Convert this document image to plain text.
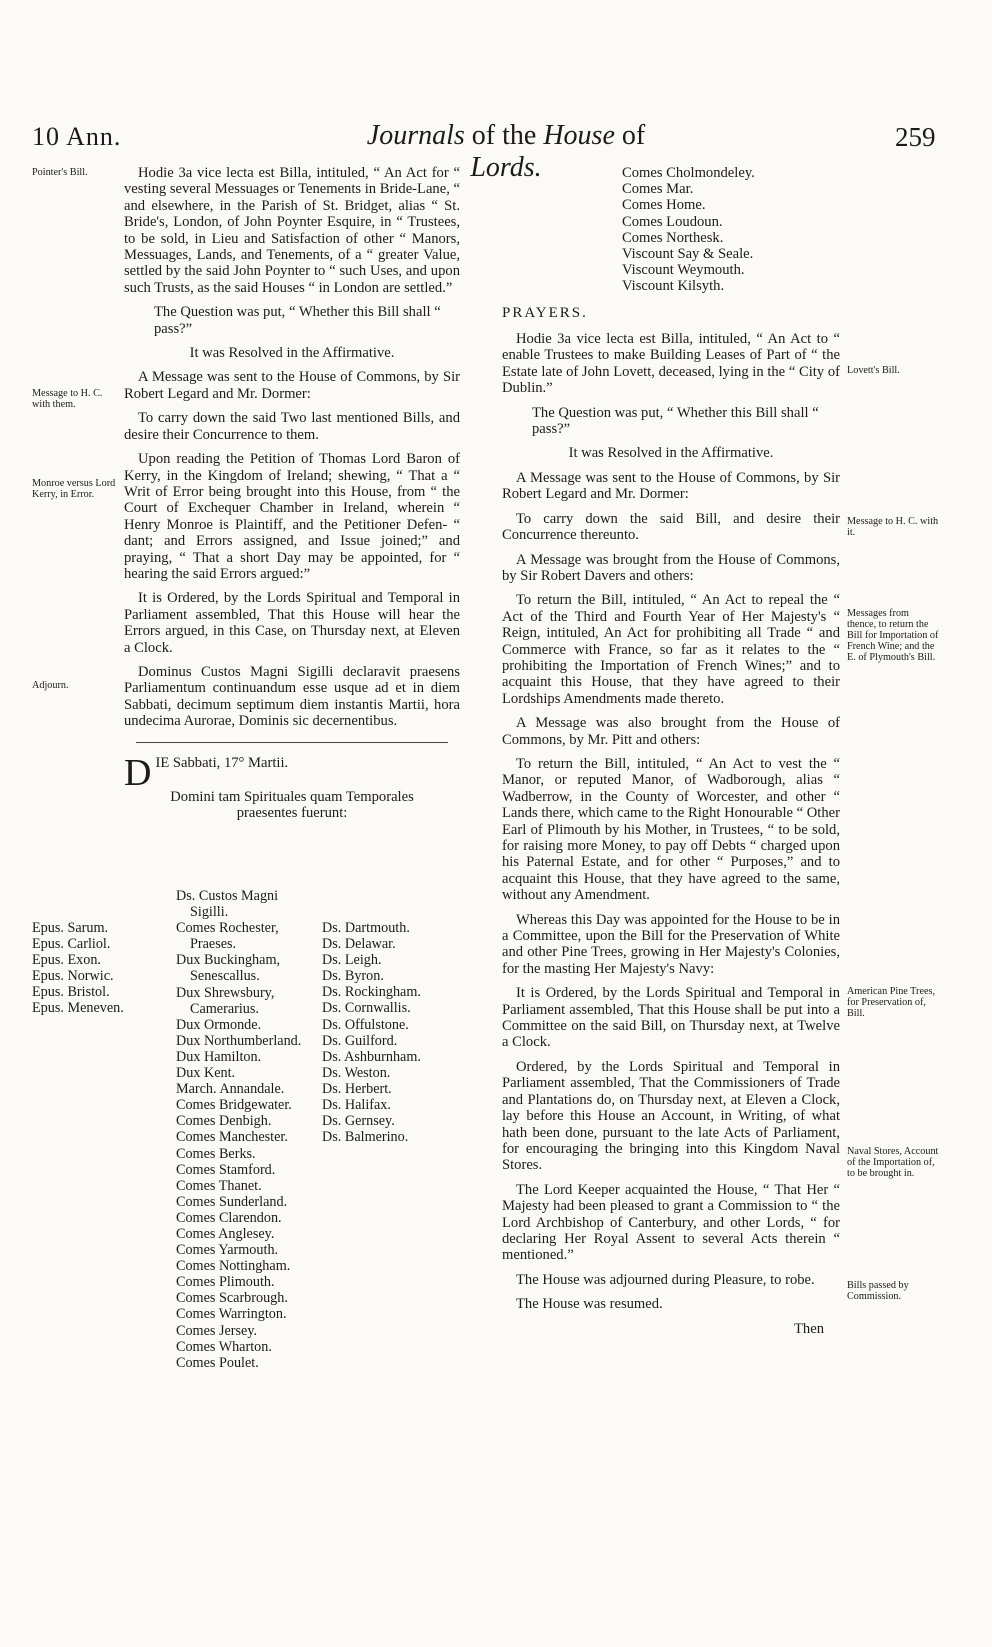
10 Ann.	Journals of the House of Lords.
259
Pointer's Bill.
Message to H. C. with them.
Monroe versus Lord Kerry, in Error.
Adjourn.
Lovett's Bill.
Message to H. C. with it.
Messages from thence, to return the Bill for Importation of French Wine; and the E. of Plymouth's Bill.
American Pine Trees, for Preservation of, Bill.
Naval Stores, Account of the Importation of, to be brought in.
Bills passed by Commission.

Hodie 3a vice lecta est Billa, intituled, “ An Act for “ vesting several Messuages or Tenements in Bride-Lane, “ and elsewhere, in the Parish of St. Bridget, alias “ St. Bride's, London, of John Poynter Esquire, in “ Trustees, to be sold, in Lieu and Satisfaction of other “ Manors, Messuages, Lands, and Tenements, of a “ greater Value, settled by the said John Poynter to “ such Uses, and upon such Trusts, as the said Houses “ in London are settled.”

The Question was put, “ Whether this Bill shall “ pass?”

It was Resolved in the Affirmative.

A Message was sent to the House of Commons, by Sir Robert Legard and Mr. Dormer:

To carry down the said Two last mentioned Bills, and desire their Concurrence to them.

Upon reading the Petition of Thomas Lord Baron of Kerry, in the Kingdom of Ireland; shewing, “ That a “ Writ of Error being brought into this House, from “ the Court of Exchequer Chamber in Ireland, wherein “ Henry Monroe is Plaintiff, and the Petitioner Defen- “ dant; and Errors assigned, and Issue joined;” and praying, “ That a short Day may be appointed, for “ hearing the said Errors argued:”

It is Ordered, by the Lords Spiritual and Temporal in Parliament assembled, That this House will hear the Errors argued, in this Case, on Thursday next, at Eleven a Clock.

Dominus Custos Magni Sigilli declaravit praesens Parliamentum continuandum esse usque ad et in diem Sabbati, decimum septimum diem instantis Martii, hora undecima Aurorae, Dominis sic decernentibus.

DIE Sabbati, 17° Martii.

Domini tam Spirituales quam Temporales praesentes fuerunt:

Epus. Sarum.
Epus. Carliol.
Epus. Exon.
Epus. Norwic.
Epus. Bristol.
Epus. Meneven.
Ds. Custos Magni
Sigilli.
Comes Rochester,
Praeses.
Dux Buckingham,
Senescallus.
Dux Shrewsbury,
Camerarius.
Dux Ormonde.
Dux Northumberland.
Dux Hamilton.
Dux Kent.
March. Annandale.
Comes Bridgewater.
Comes Denbigh.
Comes Manchester.
Comes Berks.
Comes Stamford.
Comes Thanet.
Comes Sunderland.
Comes Clarendon.
Comes Anglesey.
Comes Yarmouth.
Comes Nottingham.
Comes Plimouth.
Comes Scarbrough.
Comes Warrington.
Comes Jersey.
Comes Wharton.
Comes Poulet.
Ds. Dartmouth.
Ds. Delawar.
Ds. Leigh.
Ds. Byron.
Ds. Rockingham.
Ds. Cornwallis.
Ds. Offulstone.
Ds. Guilford.
Ds. Ashburnham.
Ds. Weston.
Ds. Herbert.
Ds. Halifax.
Ds. Gernsey.
Ds. Balmerino.
Comes Cholmondeley.
Comes Mar.
Comes Home.
Comes Loudoun.
Comes Northesk.
Viscount Say & Seale.
Viscount Weymouth.
Viscount Kilsyth.

PRAYERS.

Hodie 3a vice lecta est Billa, intituled, “ An Act to “ enable Trustees to make Building Leases of Part of “ the Estate late of John Lovett, deceased, lying in the “ City of Dublin.”

The Question was put, “ Whether this Bill shall “ pass?”

It was Resolved in the Affirmative.

A Message was sent to the House of Commons, by Sir Robert Legard and Mr. Dormer:

To carry down the said Bill, and desire their Concurrence thereunto.

A Message was brought from the House of Commons, by Sir Robert Davers and others:

To return the Bill, intituled, “ An Act to repeal the “ Act of the Third and Fourth Year of Her Majesty's “ Reign, intituled, An Act for prohibiting all Trade “ and Commerce with France, so far as it relates to the “ prohibiting the Importation of French Wines;” and to acquaint this House, that they have agreed to their Lordships Amendments made thereto.

A Message was also brought from the House of Commons, by Mr. Pitt and others:

To return the Bill, intituled, “ An Act to vest the “ Manor, or reputed Manor, of Wadborough, alias “ Wadberrow, in the County of Worcester, and other “ Lands there, which came to the Right Honourable “ Other Earl of Plimouth by his Mother, in Trustees, “ to be sold, for raising more Money, to pay off Debts “ charged upon his Paternal Estate, and for other “ Purposes,” and to acquaint this House, that they have agreed to the same, without any Amendment.

Whereas this Day was appointed for the House to be in a Committee, upon the Bill for the Preservation of White and other Pine Trees, growing in Her Majesty's Colonies, for the masting Her Majesty's Navy:

It is Ordered, by the Lords Spiritual and Temporal in Parliament assembled, That this House shall be put into a Committee on the said Bill, on Thursday next, at Twelve a Clock.

Ordered, by the Lords Spiritual and Temporal in Parliament assembled, That the Commissioners of Trade and Plantations do, on Thursday next, at Eleven a Clock, lay before this House an Account, in Writing, of what hath been done, pursuant to the late Acts of Parliament, for encouraging the bringing into this Kingdom Naval Stores.

The Lord Keeper acquainted the House, “ That Her “ Majesty had been pleased to grant a Commission to “ the Lord Archbishop of Canterbury, and other Lords, “ for declaring Her Royal Assent to several Acts therein “ mentioned.”

The House was adjourned during Pleasure, to robe.

The House was resumed.

Then
